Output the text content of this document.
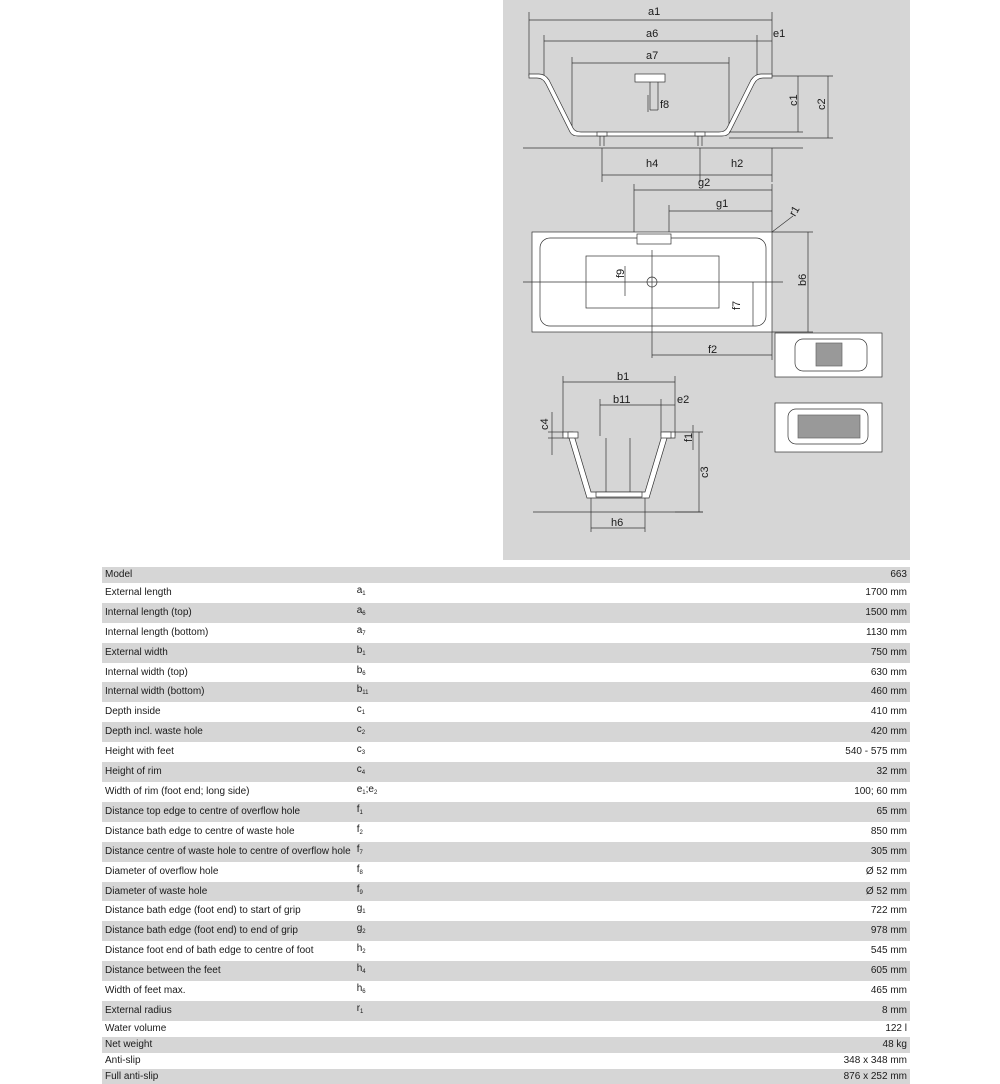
a1
a6
a7
e1
f8
h4	h2
g2
g1
f2
b1
b11	e2
h6
c1 c2
f9
b6
f7
r1
c4
f1
c3
Model		663
External length	$a_1$	1700 mm
Internal length (top)	$a_6$	1500 mm
Internal length (bottom)	$a_7$	1130 mm
External width	$b_1$	750 mm
Internal width (top)	$b_6$	630 mm
Internal width (bottom)	$b_{11}$	460 mm
Depth inside	$c_1$	410 mm
Depth incl. waste hole	$c_2$	420 mm
Height with feet	$c_3$	540 - 575 mm
Height of rim	$c_4$	32 mm
Width of rim (foot end; long side)	$e_1;e_2$	100; 60 mm
Distance top edge to centre of overflow hole	$f_1$	65 mm
Distance bath edge to centre of waste hole	$f_2$	850 mm
Distance centre of waste hole to centre of overflow hole	$f_7$	305 mm
Diameter of overflow hole	$f_8$	Ø 52 mm
Diameter of waste hole	$f_9$	Ø 52 mm
Distance bath edge (foot end) to start of grip	$g_1$	722 mm
Distance bath edge (foot end) to end of grip	$g_2$	978 mm
Distance foot end of bath edge to centre of foot	$h_2$	545 mm
Distance between the feet	$h_4$	605 mm
Width of feet max.	$h_6$	465 mm
External radius	$r_1$	8 mm
Water volume		122 l
Net weight		48 kg
Anti-slip		348 x 348 mm
Full anti-slip		876 x 252 mm
